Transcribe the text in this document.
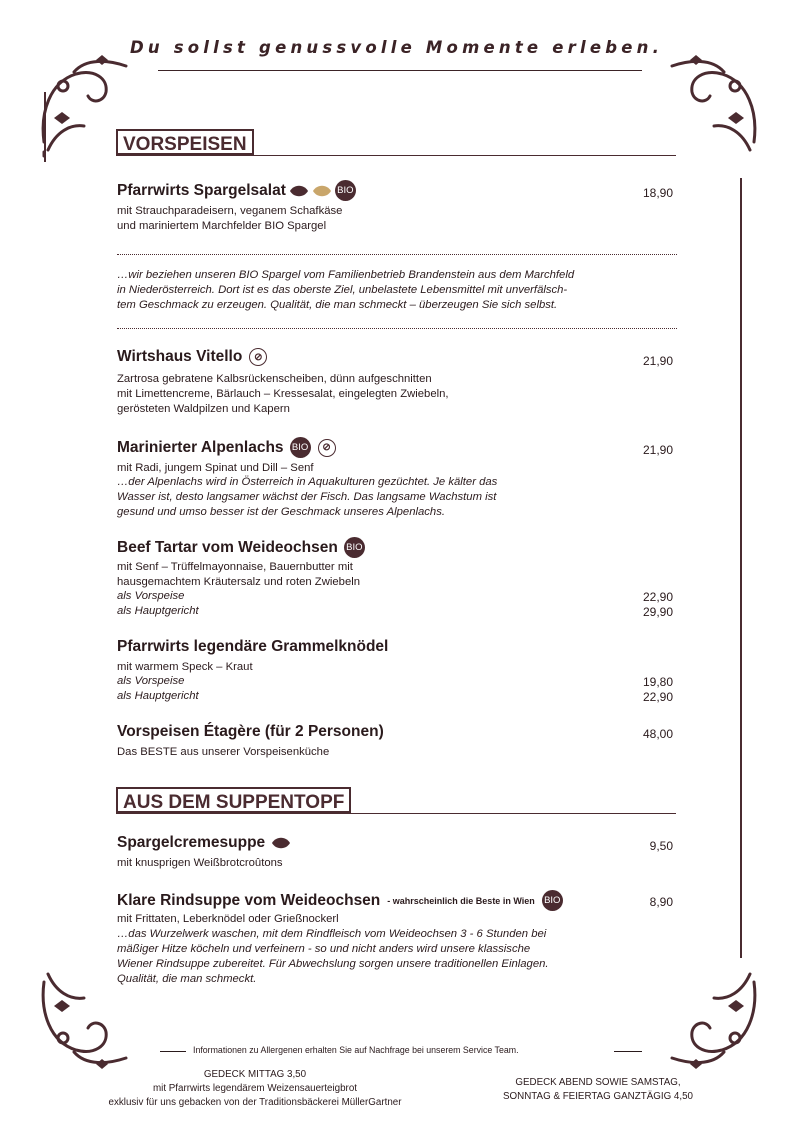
Du sollst genussvolle Momente erleben.
VORSPEISEN
Pfarrwirts Spargelsalat	BIO	18,90
mit Strauchparadeisern, veganem Schafkäse
und mariniertem Marchfelder BIO Spargel
…wir beziehen unseren BIO Spargel vom Familienbetrieb Brandenstein aus dem Marchfeld
in Niederösterreich. Dort ist es das oberste Ziel, unbelastete Lebensmittel mit unverfälsch-
tem Geschmack zu erzeugen. Qualität, die man schmeckt – überzeugen Sie sich selbst.
Wirtshaus Vitello	⊘	21,90
Zartrosa gebratene Kalbsrückenscheiben, dünn aufgeschnitten
mit Limettencreme, Bärlauch – Kressesalat, eingelegten Zwiebeln,
gerösteten Waldpilzen und Kapern
Marinierter Alpenlachs BIO	⊘	21,90
mit Radi, jungem Spinat und Dill – Senf
…der Alpenlachs wird in Österreich in Aquakulturen gezüchtet. Je kälter das
Wasser ist, desto langsamer wächst der Fisch. Das langsame Wachstum ist
gesund und umso besser ist der Geschmack unseres Alpenlachs.
Beef Tartar vom Weideochsen BIO
mit Senf – Trüffelmayonnaise, Bauernbutter mit
hausgemachtem Kräutersalz und roten Zwiebeln
als Vorspeise	22,90
als Hauptgericht	29,90
Pfarrwirts legendäre Grammelknödel
mit warmem Speck – Kraut
als Vorspeise	19,80
als Hauptgericht	22,90
Vorspeisen Étagère (für 2 Personen)	48,00
Das BESTE aus unserer Vorspeisenküche
AUS DEM SUPPENTOPF
Spargelcremesuppe	9,50
mit knusprigen Weißbrotcroûtons
Klare Rindsuppe vom Weideochsen - wahrscheinlich die Beste in Wien BIO	8,90
mit Frittaten, Leberknödel oder Grießnockerl
…das Wurzelwerk waschen, mit dem Rindfleisch vom Weideochsen 3 - 6 Stunden bei
mäßiger Hitze köcheln und verfeinern - so und nicht anders wird unsere klassische
Wiener Rindsuppe zubereitet. Für Abwechslung sorgen unsere traditionellen Einlagen.
Qualität, die man schmeckt.
Informationen zu Allergenen erhalten Sie auf Nachfrage bei unserem Service Team.
GEDECK MITTAG 3,50
mit Pfarrwirts legendärem Weizensauerteigbrot
exklusiv für uns gebacken von der Traditionsbäckerei MüllerGartner
GEDECK ABEND SOWIE SAMSTAG,
SONNTAG & FEIERTAG GANZTÄGIG 4,50
